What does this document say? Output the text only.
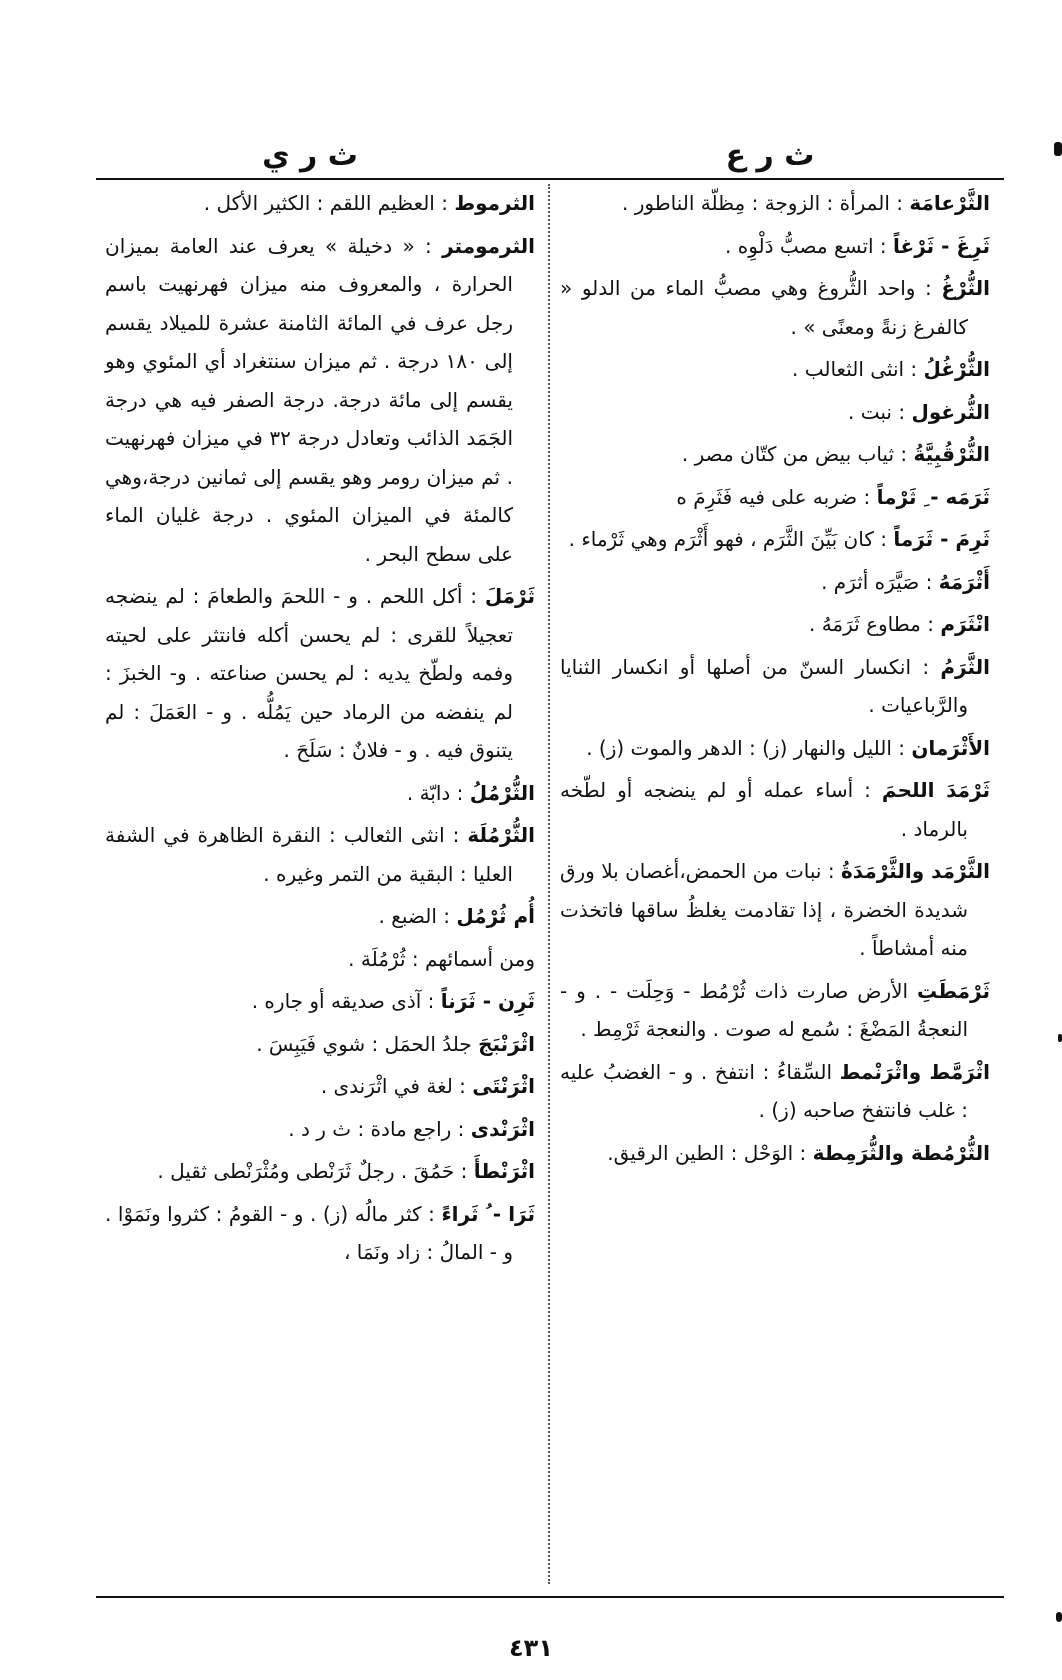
ث ر ع
ث ر ي

الثَّرْعامَة : المرأة : الزوجة : مِظلّة الناطور .

ثَرِغَ - ثَرْغاً : اتسع مصبُّ دَلْوِه .

الثُّرْغُ : واحد الثُّروغ وهي مصبُّ الماء من الدلو « كالفرغ زنةً ومعنًى » .

الثُّرْغُلُ : انثى الثعالب .

الثُّرغول : نبت .

الثُّرْقُبِيَّةُ : ثياب بيض من كتّان مصر .

ثَرَمَه - ِ ثَرْماً : ضربه على فيه فَثَرِمَ ه

ثَرِمَ - ثَرَماً : كان بَيِّنَ الثَّرَم ، فهو أَثْرَم وهي ثَرْماء .

أَثْرَمَهُ : صَيَّرَه أثرَم .

انْثَرَم : مطاوع ثَرَمَهُ .

الثَّرَمُ : انكسار السنّ من أصلها أو انكسار الثنايا والرَّباعيات .

الأَثْرَمان : الليل والنهار (ز) : الدهر والموت (ز) .

ثَرْمَدَ اللحمَ : أساء عمله أو لم ينضجه أو لطّخه بالرماد .

الثَّرْمَد والثَّرْمَدَةُ : نبات من الحمض،أغصان بلا ورق شديدة الخضرة ، إذا تقادمت يغلظُ ساقها فاتخذت منه أمشاطاً .

ثَرْمَطَتِ الأرض صارت ذات ثُرْمُط - وَحِلَت - . و - النعجةُ المَضْغَ : سُمع له صوت . والنعجة ثَرْمِط .

اثْرَمَّط واثْرَنْمط السِّقاءُ : انتفخ . و - الغضبُ عليه : غلب فانتفخ صاحبه (ز) .

الثُّرْمُطة والثُّرَمِطة : الوَحْل : الطين الرقيق.

الثرموط : العظيم اللقم : الكثير الأكل .

الثرمومتر : « دخيلة » يعرف عند العامة بميزان الحرارة ، والمعروف منه ميزان فهرنهيت باسم رجل عرف في المائة الثامنة عشرة للميلاد يقسم إلى ١٨٠ درجة . ثم ميزان سنتغراد أي المئوي وهو يقسم إلى مائة درجة. درجة الصفر فيه هي درجة الجَمَد الذائب وتعادل درجة ٣٢ في ميزان فهرنهيت . ثم ميزان رومر وهو يقسم إلى ثمانين درجة،وهي كالمئة في الميزان المئوي . درجة غليان الماء على سطح البحر .

ثَرْمَلَ : أكل اللحم . و - اللحمَ والطعامَ : لم ينضجه تعجيلاً للقرى : لم يحسن أكله فانتثر على لحيته وفمه ولطّخ يديه : لم يحسن صناعته . و- الخبزَ : لم ينفضه من الرماد حين يَمُلُّه . و - العَمَلَ : لم يتنوق فيه . و - فلانٌ : سَلَحَ .

الثُّرْمُلُ : دابّة .

الثُّرْمُلَة : انثى الثعالب : النقرة الظاهرة في الشفة العليا : البقية من التمر وغيره .

أُم ثُرْمُل : الضبع .

ومن أسمائهم : ثُرْمُلَة .

ثَرِن - ثَرَناً : آذى صديقه أو جاره .

اثْرَنْبَجَ جلدُ الحمَل : شوي فَيَبِسَ .

اثْرَنْتَى : لغة في اثْرَندى .

اثْرَنْدى : راجع مادة : ث ر د .

اثْرَنْطأَ : حَمُقَ . رجلٌ ثَرَنْطى ومُثْرَنْطى ثقيل .

ثَرَا - ُ ثَراءً : كثر مالُه (ز) . و - القومُ : كثروا ونَمَوْا . و - المالُ : زاد ونَمَا ،

٤٣١
